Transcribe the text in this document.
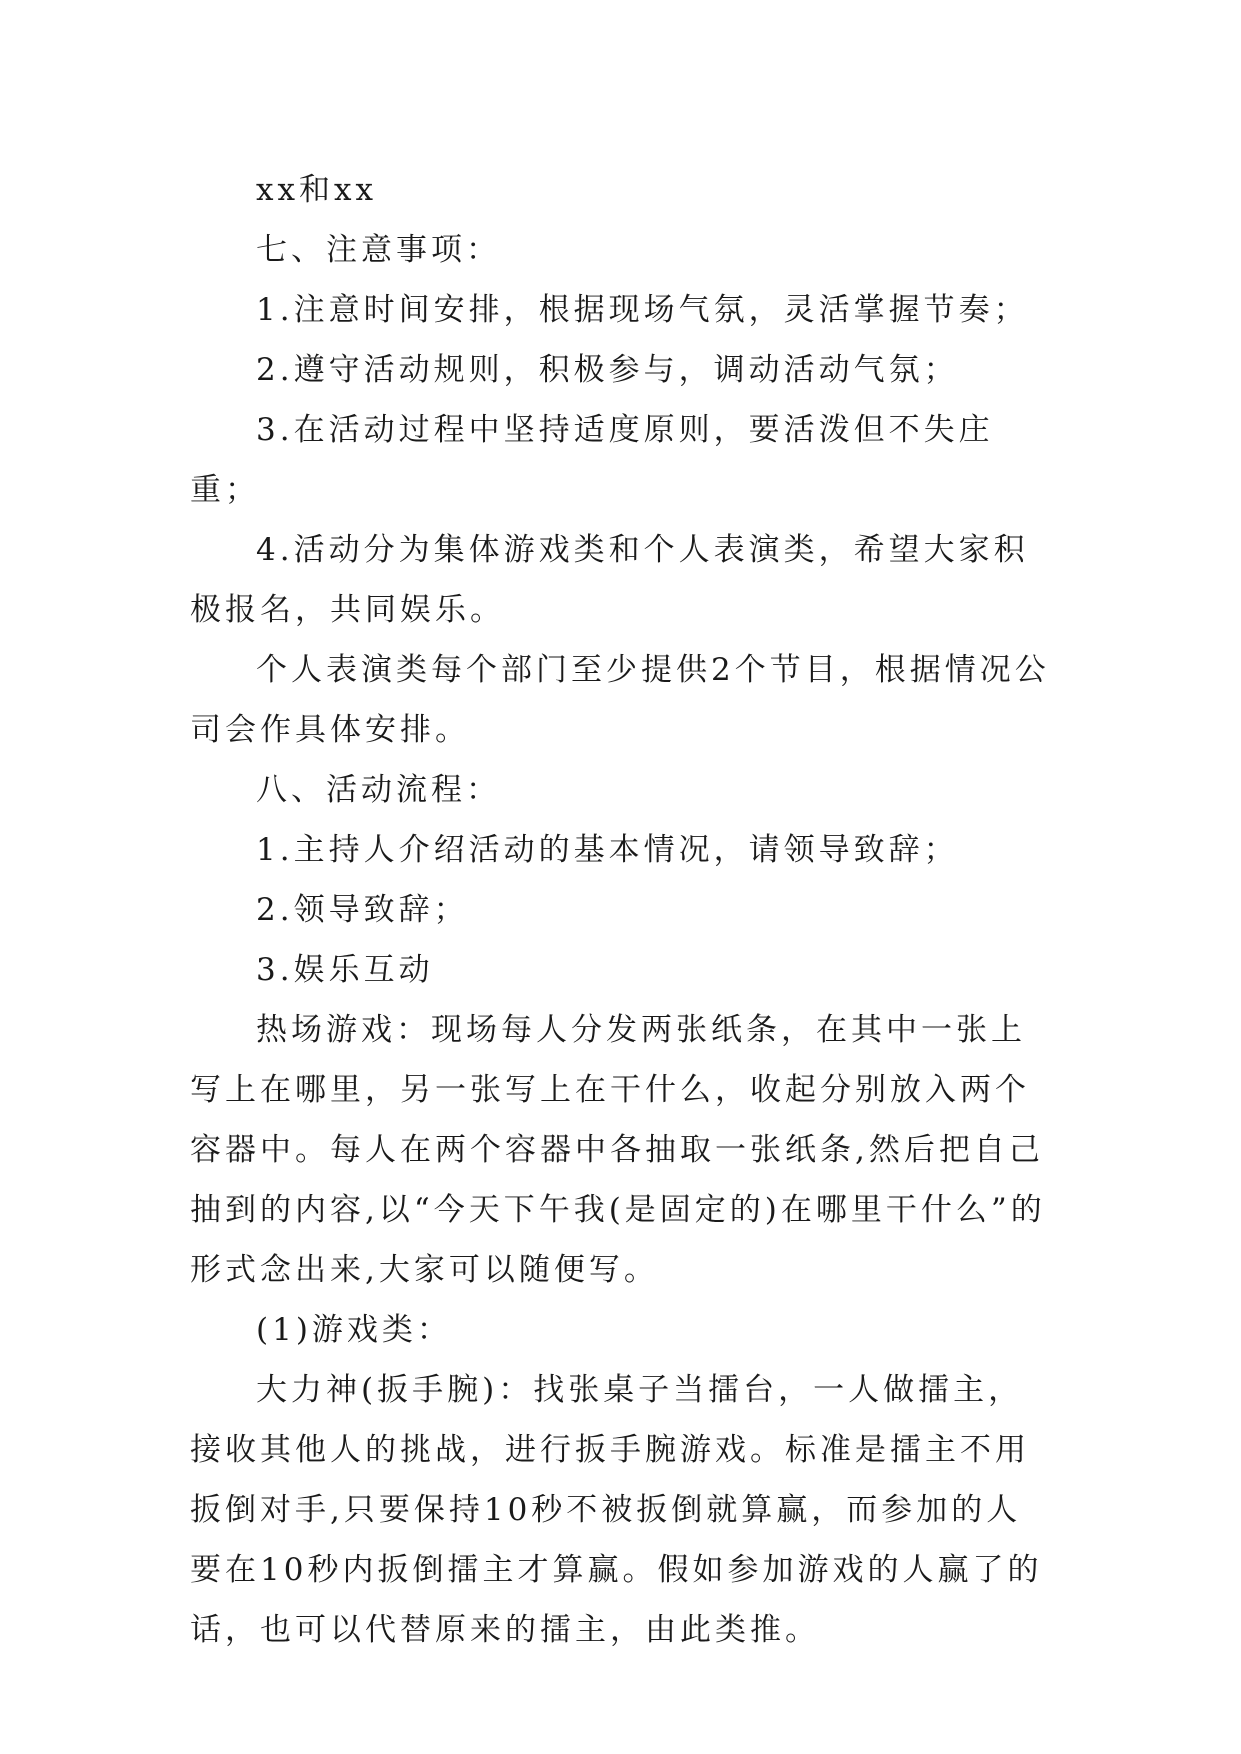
xx和xx

七、注意事项：

1.注意时间安排，根据现场气氛，灵活掌握节奏；

2.遵守活动规则，积极参与，调动活动气氛；

3.在活动过程中坚持适度原则，要活泼但不失庄重；

4.活动分为集体游戏类和个人表演类，希望大家积极报名，共同娱乐。

个人表演类每个部门至少提供2个节目，根据情况公司会作具体安排。

八、活动流程：

1.主持人介绍活动的基本情况，请领导致辞；

2.领导致辞；

3.娱乐互动

热场游戏：现场每人分发两张纸条，在其中一张上写上在哪里，另一张写上在干什么，收起分别放入两个容器中。每人在两个容器中各抽取一张纸条,然后把自己抽到的内容,以“今天下午我(是固定的)在哪里干什么”的形式念出来,大家可以随便写。

(1)游戏类：

大力神(扳手腕)：找张桌子当擂台，一人做擂主，接收其他人的挑战，进行扳手腕游戏。标准是擂主不用扳倒对手,只要保持10秒不被扳倒就算赢，而参加的人要在10秒内扳倒擂主才算赢。假如参加游戏的人赢了的话，也可以代替原来的擂主，由此类推。
